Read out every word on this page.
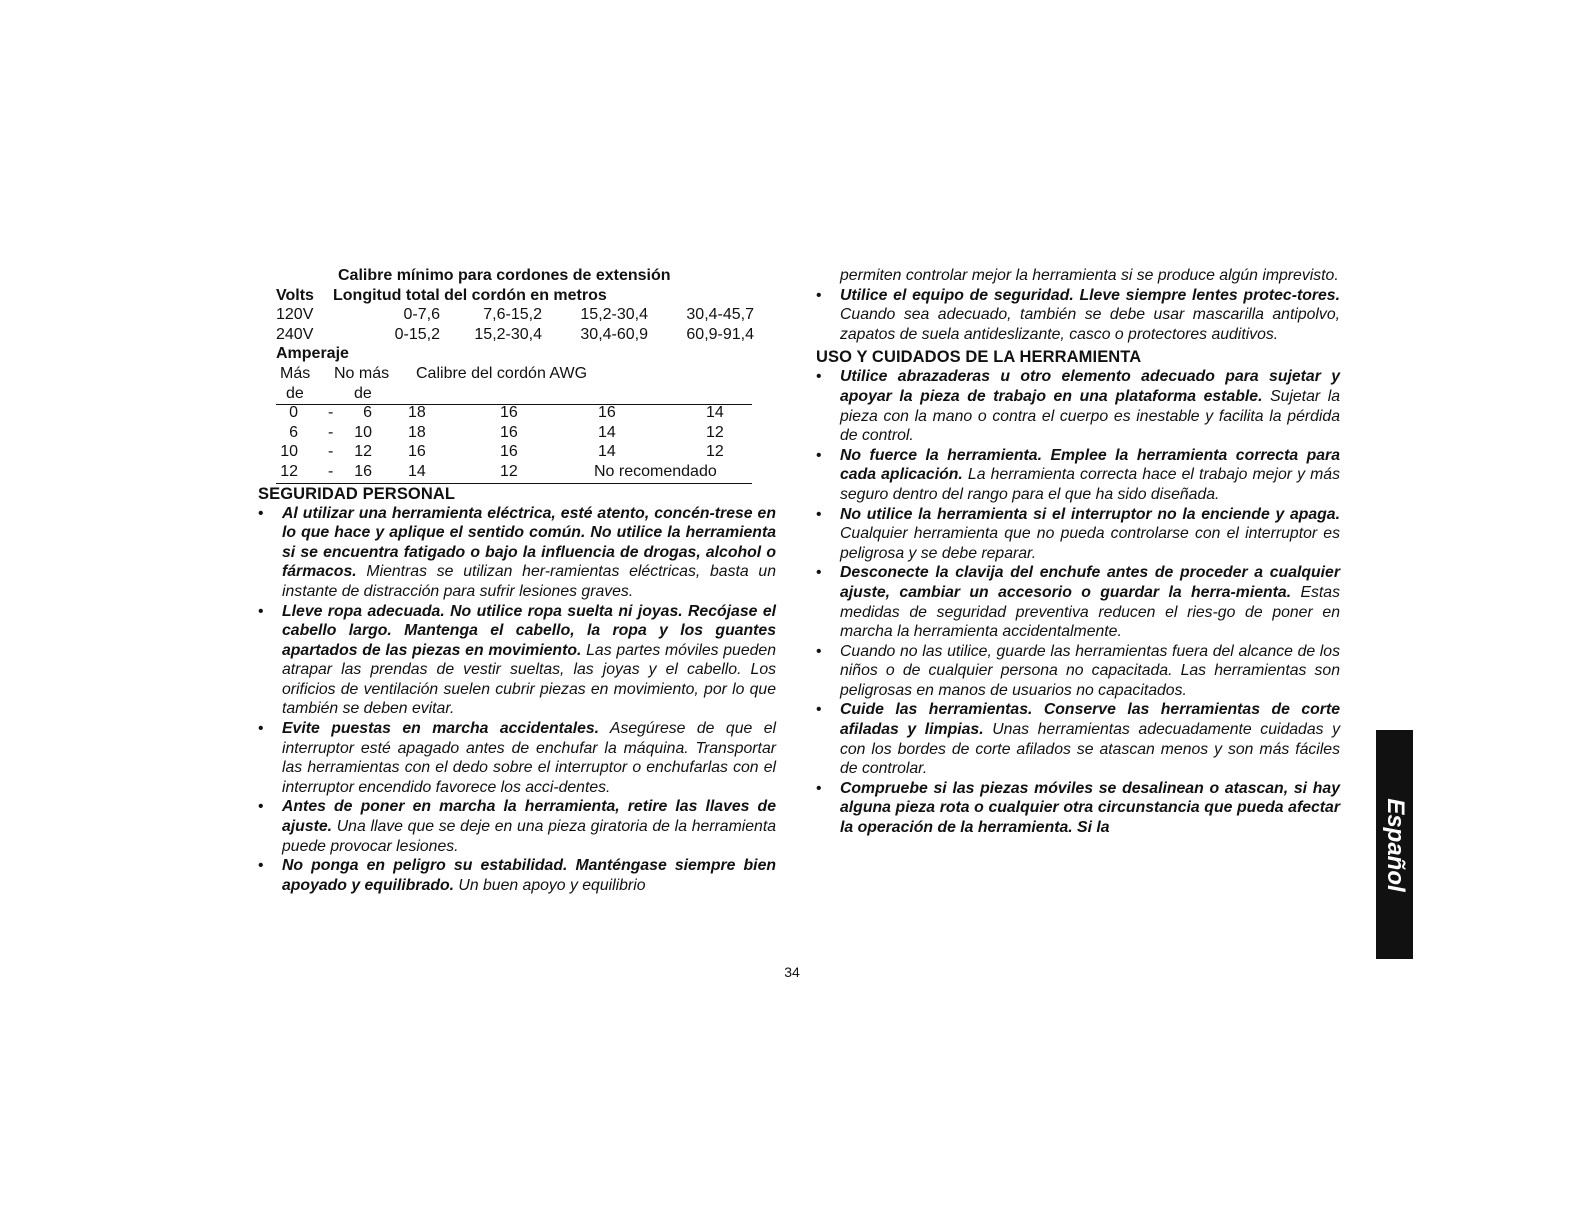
Calibre mínimo para cordones de extensión
Volts Longitud total del cordón en metros
120V	0-7,6	7,6-15,2	15,2-30,4	30,4-45,7
240V	0-15,2	15,2-30,4	30,4-60,9	60,9-91,4
Amperaje
Más No más Calibre del cordón AWG
de	de
0 -	6 18	16	16	14
6 -	10 18	16	14	12
10 -	12 16	16	14	12
12 -	16 14	12	No recomendado
SEGURIDAD PERSONAL
• Al utilizar una herramienta eléctrica, esté atento, concén-trese en lo que hace y aplique el sentido común. No utilice la herramienta si se encuentra fatigado o bajo la influencia de drogas, alcohol o fármacos. Mientras se utilizan her-ramientas eléctricas, basta un instante de distracción para sufrir lesiones graves.
• Lleve ropa adecuada. No utilice ropa suelta ni joyas. Recójase el cabello largo. Mantenga el cabello, la ropa y los guantes apartados de las piezas en movimiento. Las partes móviles pueden atrapar las prendas de vestir sueltas, las joyas y el cabello. Los orificios de ventilación suelen cubrir piezas en movimiento, por lo que también se deben evitar.
• Evite puestas en marcha accidentales. Asegúrese de que el interruptor esté apagado antes de enchufar la máquina. Transportar las herramientas con el dedo sobre el interruptor o enchufarlas con el interruptor encendido favorece los acci-dentes.
• Antes de poner en marcha la herramienta, retire las llaves de ajuste. Una llave que se deje en una pieza giratoria de la herramienta puede provocar lesiones.
• No ponga en peligro su estabilidad. Manténgase siempre bien apoyado y equilibrado. Un buen apoyo y equilibrio

permiten controlar mejor la herramienta si se produce algún imprevisto.

• Utilice el equipo de seguridad. Lleve siempre lentes protec-tores. Cuando sea adecuado, también se debe usar mascarilla antipolvo, zapatos de suela antideslizante, casco o protectores auditivos.
USO Y CUIDADOS DE LA HERRAMIENTA
• Utilice abrazaderas u otro elemento adecuado para sujetar y apoyar la pieza de trabajo en una plataforma estable. Sujetar la pieza con la mano o contra el cuerpo es inestable y facilita la pérdida de control.
• No fuerce la herramienta. Emplee la herramienta correcta para cada aplicación. La herramienta correcta hace el trabajo mejor y más seguro dentro del rango para el que ha sido diseñada.
• No utilice la herramienta si el interruptor no la enciende y apaga. Cualquier herramienta que no pueda controlarse con el interruptor es peligrosa y se debe reparar.
• Desconecte la clavija del enchufe antes de proceder a cualquier ajuste, cambiar un accesorio o guardar la herra-mienta. Estas medidas de seguridad preventiva reducen el ries-go de poner en marcha la herramienta accidentalmente.
• Cuando no las utilice, guarde las herramientas fuera del alcance de los niños o de cualquier persona no capacitada. Las herramientas son peligrosas en manos de usuarios no capacitados.
• Cuide las herramientas. Conserve las herramientas de corte afiladas y limpias. Unas herramientas adecuadamente cuidadas y con los bordes de corte afilados se atascan menos y son más fáciles de controlar.
• Compruebe si las piezas móviles se desalinean o atascan, si hay alguna pieza rota o cualquier otra circunstancia que pueda afectar la operación de la herramienta. Si la	Español
34
